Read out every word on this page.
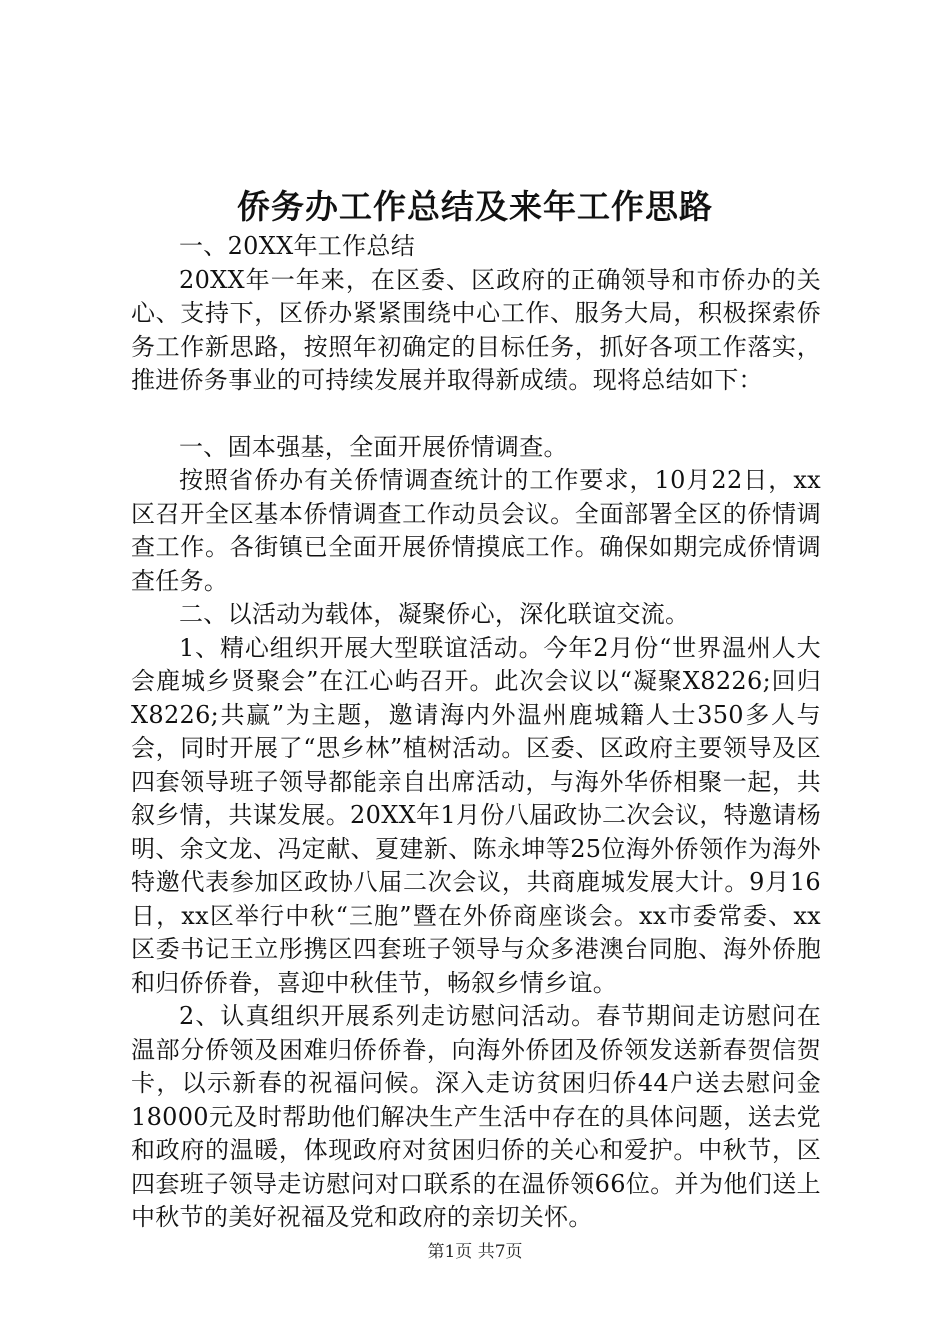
侨务办工作总结及来年工作思路

一、20XX年工作总结

20XX年一年来，在区委、区政府的正确领导和市侨办的关心、支持下，区侨办紧紧围绕中心工作、服务大局，积极探索侨务工作新思路，按照年初确定的目标任务，抓好各项工作落实，推进侨务事业的可持续发展并取得新成绩。现将总结如下：

一、固本强基，全面开展侨情调查。

按照省侨办有关侨情调查统计的工作要求，10月22日，xx区召开全区基本侨情调查工作动员会议。全面部署全区的侨情调查工作。各街镇已全面开展侨情摸底工作。确保如期完成侨情调查任务。

二、以活动为载体，凝聚侨心，深化联谊交流。

1、精心组织开展大型联谊活动。今年2月份“世界温州人大会鹿城乡贤聚会”在江心屿召开。此次会议以“凝聚X8226;回归X8226;共赢”为主题，邀请海内外温州鹿城籍人士350多人与会，同时开展了“思乡林”植树活动。区委、区政府主要领导及区四套领导班子领导都能亲自出席活动，与海外华侨相聚一起，共叙乡情，共谋发展。20XX年1月份八届政协二次会议，特邀请杨明、余文龙、冯定献、夏建新、陈永坤等25位海外侨领作为海外特邀代表参加区政协八届二次会议，共商鹿城发展大计。9月16日，xx区举行中秋“三胞”暨在外侨商座谈会。xx市委常委、xx区委书记王立彤携区四套班子领导与众多港澳台同胞、海外侨胞和归侨侨眷，喜迎中秋佳节，畅叙乡情乡谊。

2、认真组织开展系列走访慰问活动。春节期间走访慰问在温部分侨领及困难归侨侨眷，向海外侨团及侨领发送新春贺信贺卡，以示新春的祝福问候。深入走访贫困归侨44户送去慰问金18000元及时帮助他们解决生产生活中存在的具体问题，送去党和政府的温暖，体现政府对贫困归侨的关心和爱护。中秋节，区四套班子领导走访慰问对口联系的在温侨领66位。并为他们送上中秋节的美好祝福及党和政府的亲切关怀。

第1页 共7页
